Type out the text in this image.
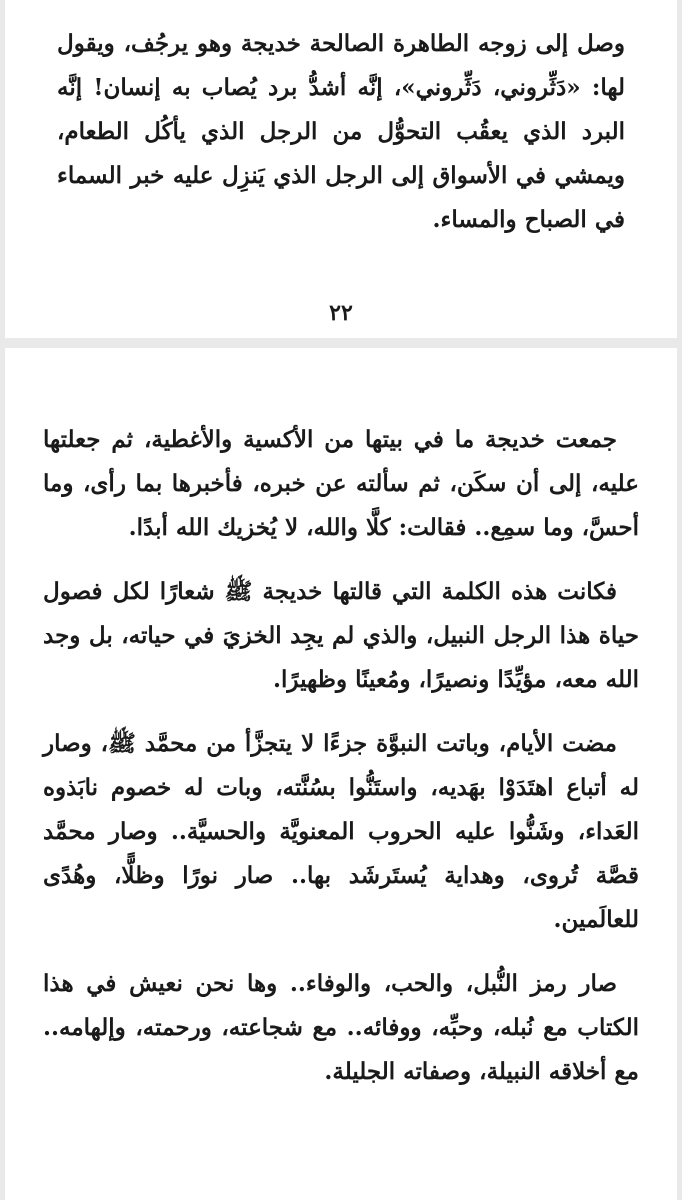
وصل إلى زوجه الطاهرة الصالحة خديجة وهو يرجُف، ويقول لها: «دَثِّروني، دَثِّروني»، إنَّه أشدُّ برد يُصاب به إنسان! إنَّه البرد الذي يعقُب التحوُّل من الرجل الذي يأكُل الطعام، ويمشي في الأسواق إلى الرجل الذي يَنزِل عليه خبر السماء في الصباح والمساء.
٢٢

جمعت خديجة ما في بيتها من الأكسية والأغطية، ثم جعلتها عليه، إلى أن سكَن، ثم سألته عن خبره، فأخبرها بما رأى، وما أحسَّ، وما سمِع.. فقالت: كلَّا والله، لا يُخزيك الله أبدًا.

فكانت هذه الكلمة التي قالتها خديجة ﷺ شعارًا لكل فصول حياة هذا الرجل النبيل، والذي لم يجِد الخزيَ في حياته، بل وجد الله معه، مؤيِّدًا ونصيرًا، ومُعينًا وظهيرًا.

مضت الأيام، وباتت النبوَّة جزءًا لا يتجزَّأ من محمَّد ﷺ، وصار له أتباع اهتَدَوْا بهَديه، واستَنُّوا بسُنَّته، وبات له خصوم نابَذوه العَداء، وشَنُّوا عليه الحروب المعنويَّة والحسيَّة.. وصار محمَّد قصَّة تُروى، وهداية يُستَرشَد بها.. صار نورًا وظلًّا، وهُدًى للعالَمين.

صار رمز النُّبل، والحب، والوفاء.. وها نحن نعيش في هذا الكتاب مع نُبله، وحبِّه، ووفائه.. مع شجاعته، ورحمته، وإلهامه.. مع أخلاقه النبيلة، وصفاته الجليلة.
